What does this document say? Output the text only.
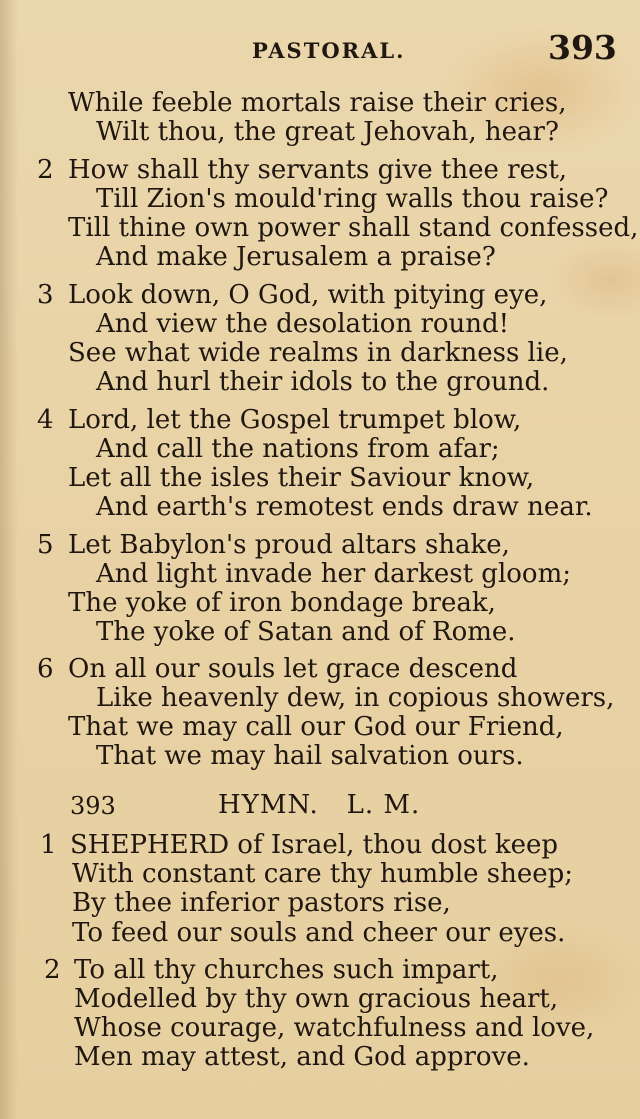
PASTORAL.	393
While feeble mortals raise their cries,
Wilt thou, the great Jehovah, hear?
2 How shall thy servants give thee rest,
Till Zion's mould'ring walls thou raise?
Till thine own power shall stand confessed,
And make Jerusalem a praise?
3 Look down, O God, with pitying eye,
And view the desolation round!
See what wide realms in darkness lie,
And hurl their idols to the ground.
4 Lord, let the Gospel trumpet blow,
And call the nations from afar;
Let all the isles their Saviour know,
And earth's remotest ends draw near.
5 Let Babylon's proud altars shake,
And light invade her darkest gloom;
The yoke of iron bondage break,
The yoke of Satan and of Rome.
6 On all our souls let grace descend
Like heavenly dew, in copious showers,
That we may call our God our Friend,
That we may hail salvation ours.
393	HYMN.   L. M.
1 SHEPHERD of Israel, thou dost keep
With constant care thy humble sheep;
By thee inferior pastors rise,
To feed our souls and cheer our eyes.
2 To all thy churches such impart,
Modelled by thy own gracious heart,
Whose courage, watchfulness and love,
Men may attest, and God approve.
